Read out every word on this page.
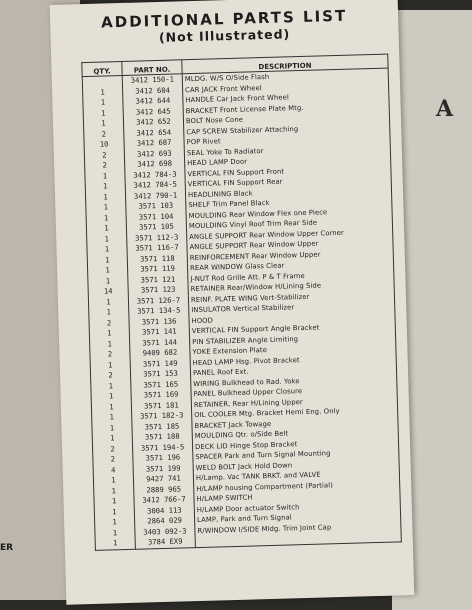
ER
A
ADDITIONAL PARTS LIST
(Not Illustrated)
QTY.	PART NO.	DESCRIPTION
	3412 150-1	MLDG. W/S O/Side Flash
1	3412 604	CAR JACK Front Wheel
1	3412 644	HANDLE Car Jack Front Wheel
1	3412 645	BRACKET Front License Plate Mtg.
1	3412 652	BOLT Nose Cone
2	3412 654	CAP SCREW Stabilizer Attaching
10	3412 687	POP Rivet
2	3412 693	SEAL Yoke To Radiator
2	3412 698	HEAD LAMP Door
1	3412 784-3	VERTICAL FIN Support Front
1	3412 784-5	VERTICAL FIN Support Rear
1	3412 790-1	HEADLINING Black
1	3571 103	SHELF Trim Panel Black
1	3571 104	MOULDING Rear Window Flex one Piece
1	3571 105	MOULDING Vinyl Roof Trim Rear Side
1	3571 112-3	ANGLE SUPPORT Rear Window Upper Corner
1	3571 116-7	ANGLE SUPPORT Rear Window Upper
1	3571 118	REINFORCEMENT Rear Window Upper
1	3571 119	REAR WINDOW Glass Clear
1	3571 121	J-NUT Rod Grille Att. P & T Frame
14	3571 123	RETAINER Rear/Window H/Lining Side
1	3571 126-7	REINF. PLATE WING Vert-Stabilizer
1	3571 134-5	INSULATOR Vertical Stabilizer
2	3571 136	HOOD
1	3571 141	VERTICAL FIN Support Angle Bracket
1	3571 144	PIN STABILIZER Angle Limiting
2	9409 682	YOKE Extension Plate
1	3571 149	HEAD LAMP Hsg. Pivot Bracket
2	3571 153	PANEL Roof Ext.
1	3571 165	WIRING Bulkhead to Rad. Yoke
1	3571 169	PANEL Bulkhead Upper Closure
1	3571 181	RETAINER, Rear H/Lining Upper
1	3571 182-3	OIL COOLER Mtg. Bracket Hemi Eng. Only
1	3571 185	BRACKET Jack Towage
1	3571 188	MOULDING Qtr. o/Side Belt
2	3571 194-5	DECK LID Hinge Stop Bracket
2	3571 196	SPACER Park and Turn Signal Mounting
4	3571 199	WELD BOLT Jack Hold Down
1	9427 741	H/Lamp. Vac TANK BRKT. and VALVE
1	2889 965	H/LAMP housing Compartment (Partial)
1	3412 766-7	H/LAMP SWITCH
1	3004 113	H/LAMP Door actuator Switch
1	2864 029	LAMP, Park and Turn Signal
1	3403 092-3	R/WINDOW I/SIDE Mldg. Trim Joint Cap
1	3784 EX9	
